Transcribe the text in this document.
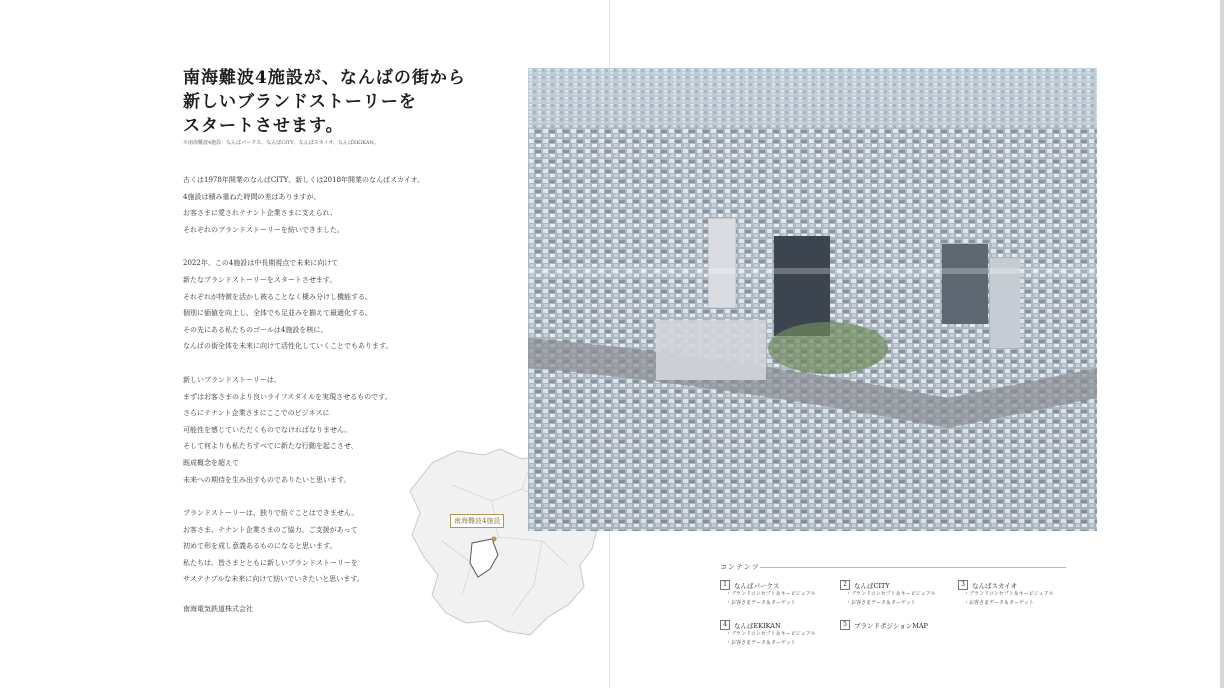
南海難波4施設が、なんばの街から
新しいブランドストーリーを
スタートさせます。
※南海難波4施設：なんばパークス、なんばCITY、なんばスカイオ、なんばEKIKAN。

古くは1978年開業のなんばCITY、新しくは2018年開業のなんばスカイオ。
4施設は積み重ねた時間の差はありますが、
お客さまに愛されテナント企業さまに支えられ、
それぞれのブランドストーリーを紡いできました。

2022年、この4施設は中長期視点で未来に向けて
新たなブランドストーリーをスタートさせます。
それぞれが特徴を活かし被ることなく棲み分けし機能する。
個別に価値を向上し、全体でも足並みを揃えて最適化する。
その先にある私たちのゴールは4施設を核に、
なんばの街全体を未来に向けて活性化していくことでもあります。

新しいブランドストーリーは、
まずはお客さまのより良いライフスタイルを実現させるものです。
さらにテナント企業さまにここでのビジネスに
可能性を感じていただくものでなければなりません。
そして何よりも私たちすべてに新たな行動を起こさせ、
既成概念を超えて
未来への期待を生み出すものでありたいと思います。

ブランドストーリーは、独りで紡ぐことはできません。
お客さま、テナント企業さまのご協力、ご支援があって
初めて形を成し意義あるものになると思います。
私たちは、皆さまとともに新しいブランドストーリーを
サステナブルな未来に向けて紡いでいきたいと思います。

南海電気鉄道株式会社
南海難波4施設
コンテンツ
1	なんばパークス
・ブランドコンセプト＆キービジュアル
・お客さまデータ＆ターゲット
2	なんばCITY
・ブランドコンセプト＆キービジュアル
・お客さまデータ＆ターゲット
3	なんばスカイオ
・ブランドコンセプト＆キービジュアル
・お客さまデータ＆ターゲット
4	なんばEKIKAN
・ブランドコンセプト＆キービジュアル
・お客さまデータ＆ターゲット
5	ブランドポジションMAP
